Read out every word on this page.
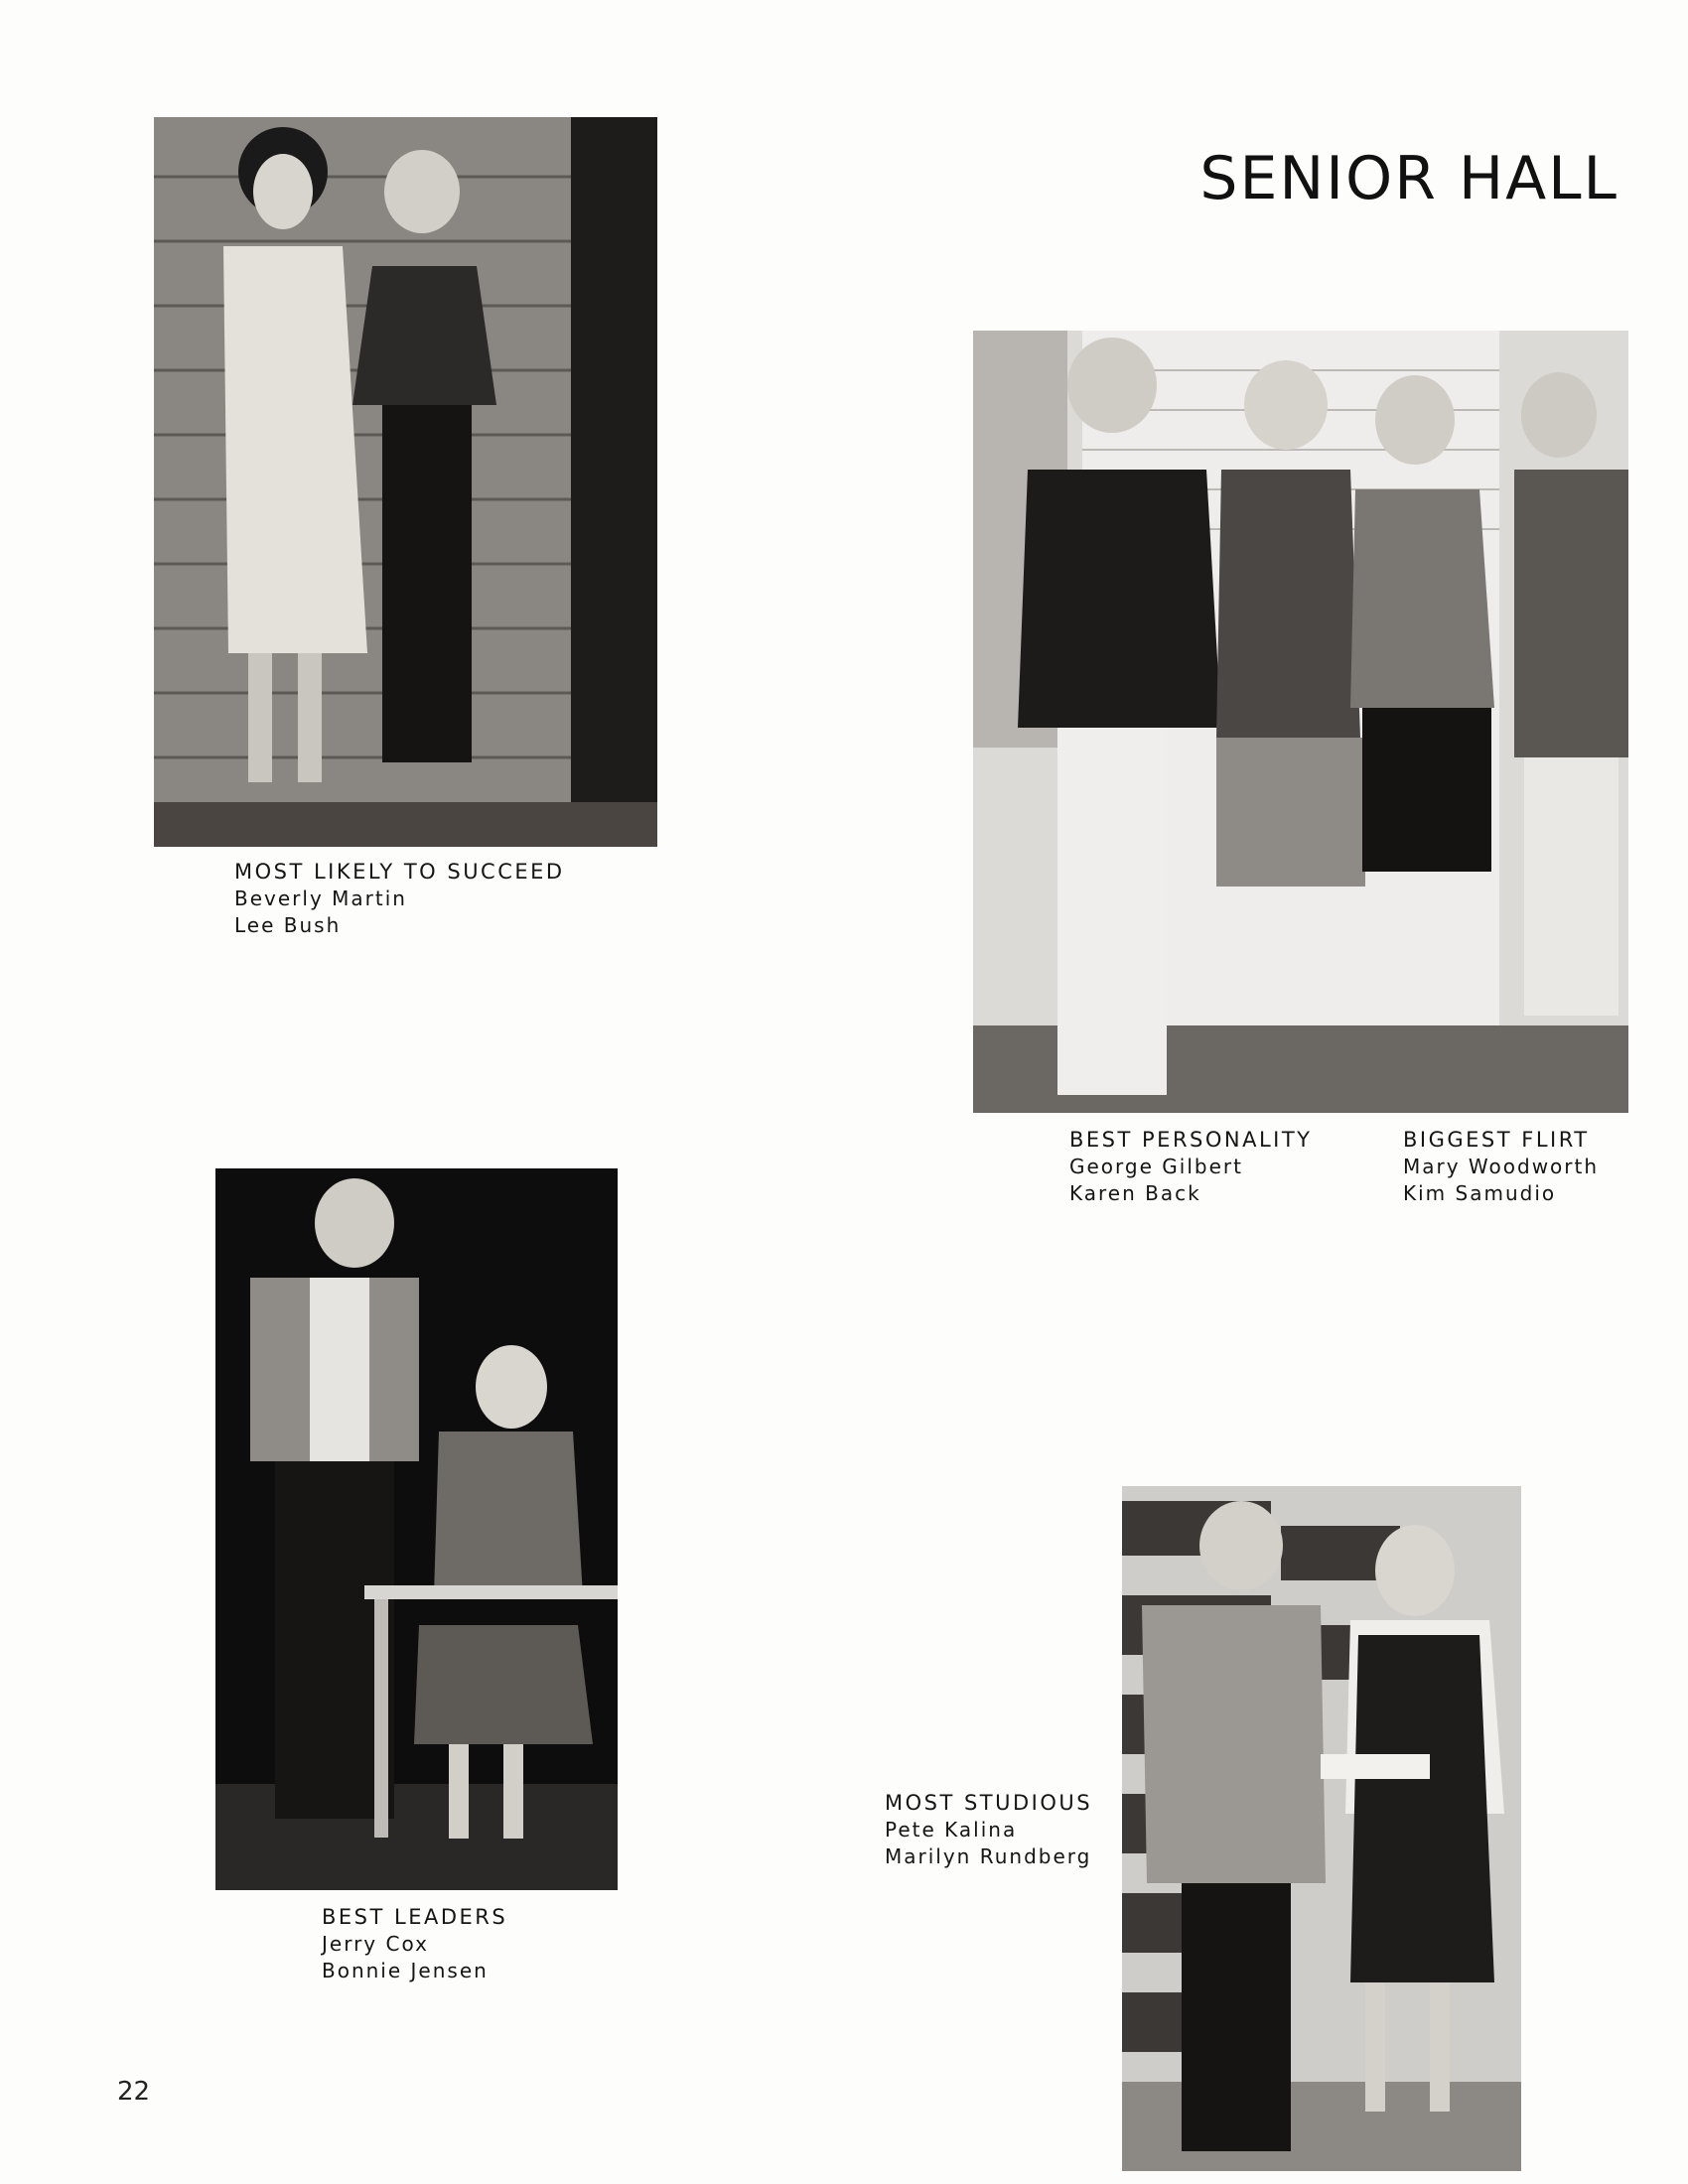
SENIOR HALL
MOST LIKELY TO SUCCEED
Beverly Martin
Lee Bush
BEST PERSONALITY
George Gilbert
Karen Back
BIGGEST FLIRT
Mary Woodworth
Kim Samudio
BEST LEADERS
Jerry Cox
Bonnie Jensen
MOST STUDIOUS
Pete Kalina
Marilyn Rundberg
22
